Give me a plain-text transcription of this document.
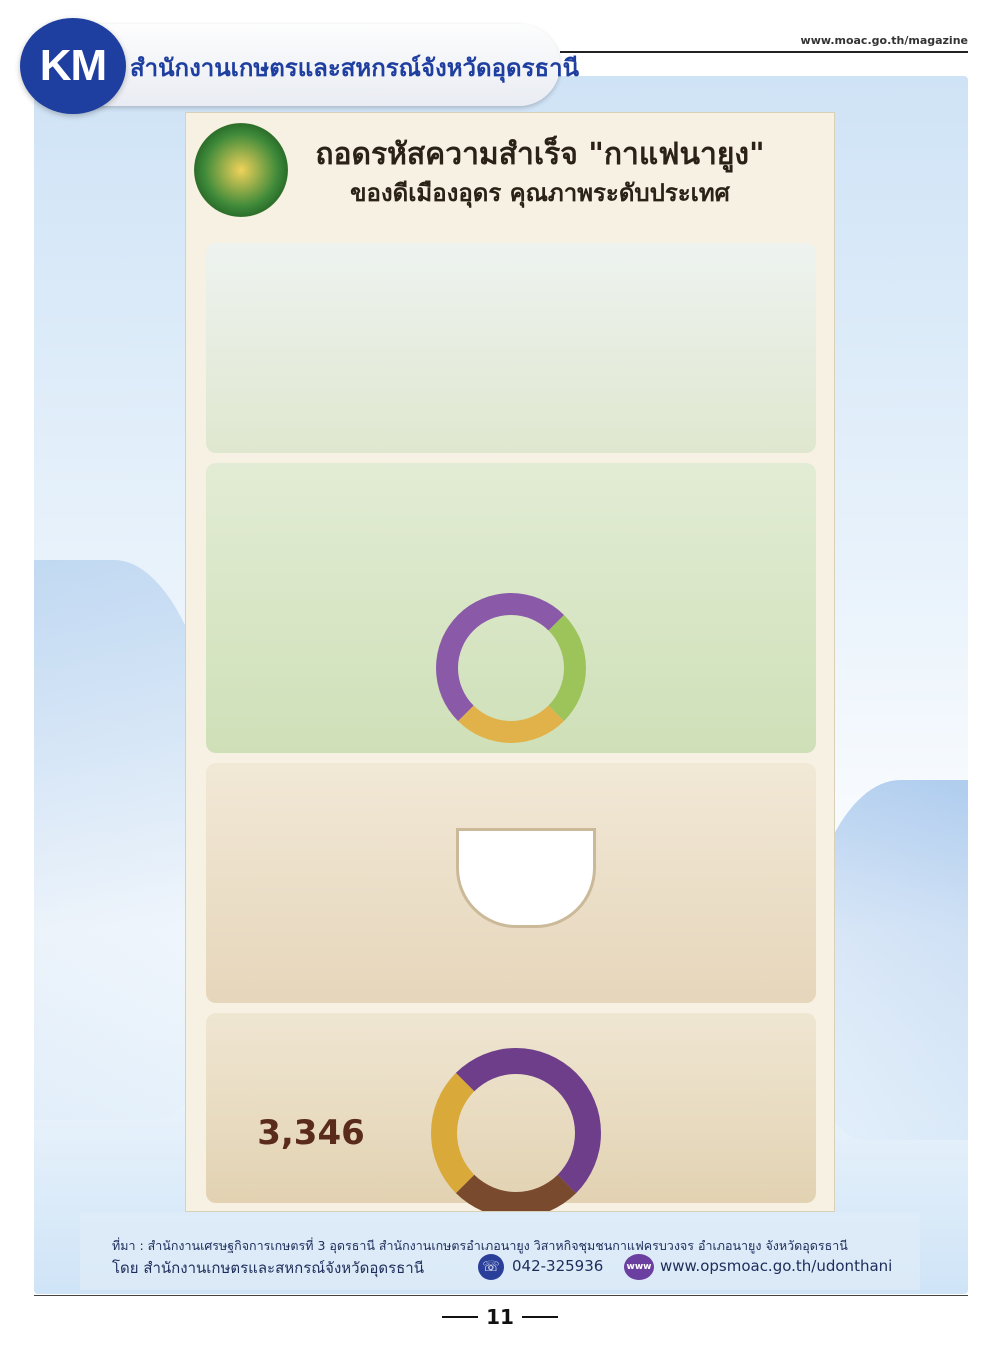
KM สำนักงานเกษตรและสหกรณ์จังหวัดอุดรธานี
www.moac.go.th/magazine
ถอดรหัสความสำเร็จ "กาแฟนายูง"
ของดีเมืองอุดร คุณภาพระดับประเทศ
3,346
ที่มา : สำนักงานเศรษฐกิจการเกษตรที่ 3 อุดรธานี สำนักงานเกษตรอำเภอนายูง วิสาหกิจชุมชนกาแฟครบวงจร อำเภอนายูง จังหวัดอุดรธานี
โดย สำนักงานเกษตรและสหกรณ์จังหวัดอุดรธานี	☏ 042-325936	www www.opsmoac.go.th/udonthani
11
